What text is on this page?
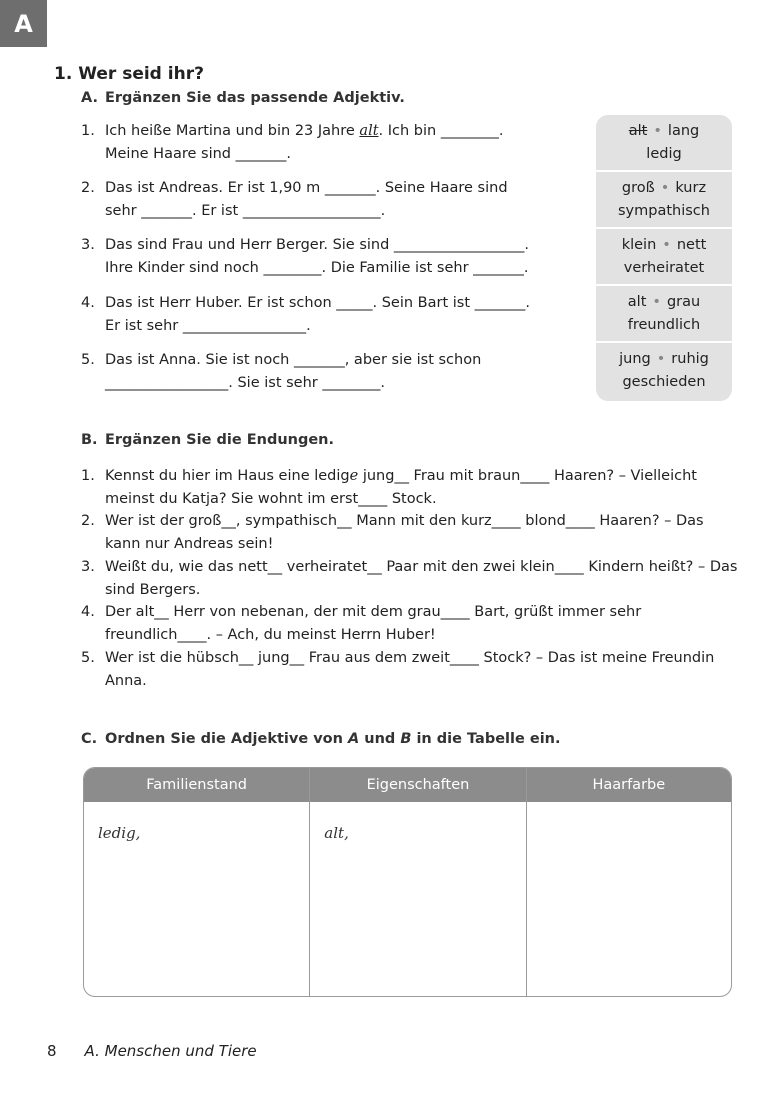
A
1. Wer seid ihr?
A. Ergänzen Sie das passende Adjektiv.
1. Ich heiße Martina und bin 23 Jahre alt. Ich bin ________.
Meine Haare sind _______.
2. Das ist Andreas. Er ist 1,90 m _______. Seine Haare sind
sehr _______. Er ist ___________________.
3. Das sind Frau und Herr Berger. Sie sind __________________.
Ihre Kinder sind noch ________. Die Familie ist sehr _______.
4. Das ist Herr Huber. Er ist schon _____. Sein Bart ist _______.
Er ist sehr _________________.
5. Das ist Anna. Sie ist noch _______, aber sie ist schon
_________________. Sie ist sehr ________.
alt • lang
ledig
groß • kurz
sympathisch
klein • nett
verheiratet
alt • grau
freundlich
jung • ruhig
geschieden
B. Ergänzen Sie die Endungen.
1. Kennst du hier im Haus eine ledige jung__ Frau mit braun____ Haaren? – Vielleicht meinst du Katja? Sie wohnt im erst____ Stock.
2. Wer ist der groß__, sympathisch__ Mann mit den kurz____ blond____ Haaren? – Das kann nur Andreas sein!
3. Weißt du, wie das nett__ verheiratet__ Paar mit den zwei klein____ Kindern heißt? – Das sind Bergers.
4. Der alt__ Herr von nebenan, der mit dem grau____ Bart, grüßt immer sehr freundlich____. – Ach, du meinst Herrn Huber!
5. Wer ist die hübsch__ jung__ Frau aus dem zweit____ Stock? – Das ist meine Freundin Anna.
C. Ordnen Sie die Adjektive von A und B in die Tabelle ein.
Familienstand	Eigenschaften	Haarfarbe
ledig,	alt,
8 A. Menschen und Tiere
